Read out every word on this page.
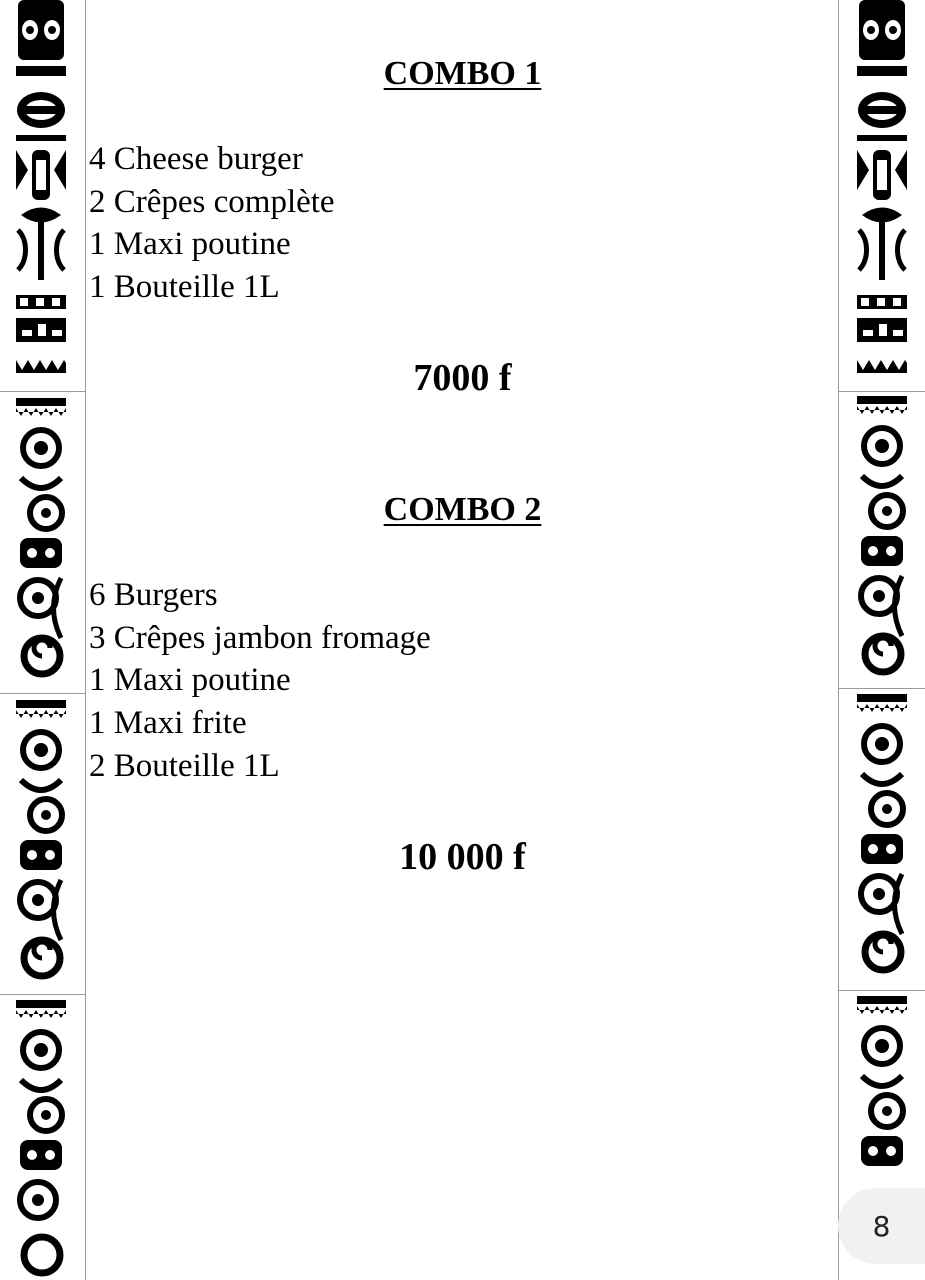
COMBO 1
4 Cheese burger
2 Crêpes complète
1 Maxi poutine
1 Bouteille 1L
7000 f
COMBO 2
6 Burgers
3 Crêpes jambon fromage
1 Maxi poutine
1 Maxi frite
2 Bouteille 1L
10 000 f
8
